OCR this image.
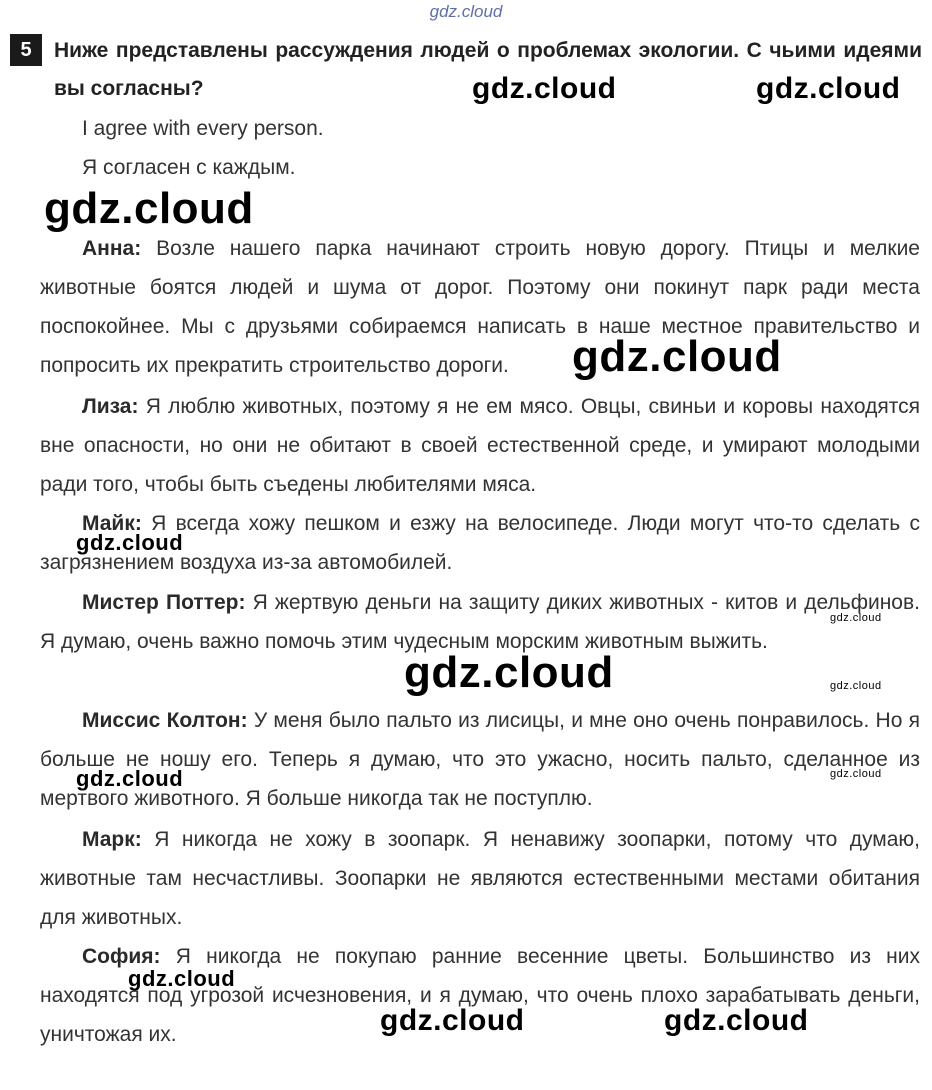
gdz.cloud
5	Ниже представлены рассуждения людей о проблемах экологии. С чьими идеями вы согласны?
I agree with every person.
Я согласен с каждым.
Анна: Возле нашего парка начинают строить новую дорогу. Птицы и мелкие животные боятся людей и шума от дорог. Поэтому они покинут парк ради места поспокойнее. Мы с друзьями собираемся написать в наше местное правительство и попросить их прекратить строительство дороги.
Лиза: Я люблю животных, поэтому я не ем мясо. Овцы, свиньи и коровы находятся вне опасности, но они не обитают в своей естественной среде, и умирают молодыми ради того, чтобы быть съедены любителями мяса.
Майк: Я всегда хожу пешком и езжу на велосипеде. Люди могут что-то сделать с загрязнением воздуха из-за автомобилей.
Мистер Поттер: Я жертвую деньги на защиту диких животных - китов и дельфинов. Я думаю, очень важно помочь этим чудесным морским животным выжить.
Миссис Колтон: У меня было пальто из лисицы, и мне оно очень понравилось. Но я больше не ношу его. Теперь я думаю, что это ужасно, носить пальто, сделанное из мертвого животного. Я больше никогда так не поступлю.
Марк: Я никогда не хожу в зоопарк. Я ненавижу зоопарки, потому что думаю, животные там несчастливы. Зоопарки не являются естественными местами обитания для животных.
София: Я никогда не покупаю ранние весенние цветы. Большинство из них находятся под угрозой исчезновения, и я думаю, что очень плохо зарабатывать деньги, уничтожая их.
gdz.cloud	gdz.cloud
gdz.cloud
gdz.cloud
gdz.cloud
gdz.cloud
gdz.cloud	gdz.cloud
gdz.cloud	gdz.cloud
gdz.cloud
gdz.cloud	gdz.cloud
